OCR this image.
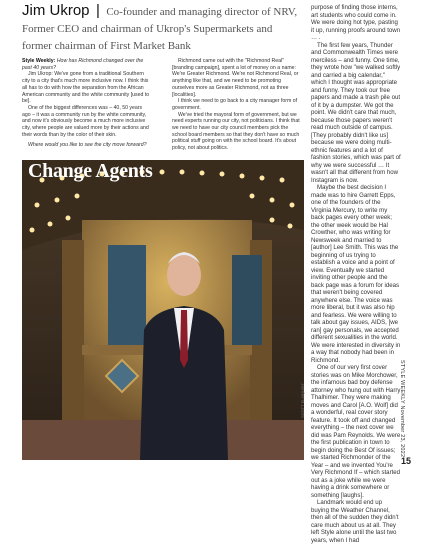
Jim Ukrop | Co-founder and managing director of NRV, Former CEO and chairman of Ukrop's Supermarkets and former chairman of First Market Bank

Style Weekly: How has Richmond changed over the past 40 years?

Jim Ukrop: We've gone from a traditional Southern city to a city that's much more inclusive now. I think this all has to do with how the separation from the African American community and the white community [used to be].

One of the biggest differences was – 40, 50 years ago – it was a community run by the white community, and now it's obviously become a much more inclusive city, where people are valued more by their actions and their words than by the color of their skin.

Where would you like to see the city move forward?

Richmond came out with the "Richmond Real" [branding campaign], spent a lot of money on a name: We're Greater Richmond. We're not Richmond Real, or anything like that, and we need to be promoting ourselves more as Greater Richmond, not as three [localities].

I think we need to go back to a city manager form of government.

We've tried the mayoral form of government, but we need experts running our city, not politicians. I think that we need to have our city council members pick the school board members so that they don't have so much political stuff going on with the school board. It's about policy, not about politics.

purpose of finding those interns, art students who could come in. We were doing hot type, pasting it up, running proofs around town … .

The first few years, Thunder and Commonwealth Times were merciless – and funny. One time, they wrote how "we walked softly and carried a big calendar," which I thought was appropriate and funny. They took our free papers and made a trash pile out of it by a dumpster. We got the point. We didn't care that much, because those papers weren't read much outside of campus. [They probably didn't like us] because we were doing multi-ethnic features and a lot of fashion stories, which was part of why we were successful … It wasn't all that different from how Instagram is now.

Maybe the best decision I made was to hire Garrett Epps, one of the founders of the Virginia Mercury, to write my back pages every other week; the other week would be Hal Crowther, who was writing for Newsweek and married to [author] Lee Smith. This was the beginning of us trying to establish a voice and a point of view. Eventually we started inviting other people and the back page was a forum for ideas that weren't being covered anywhere else. The voice was more liberal, but it was also hip and fearless. We were willing to talk about gay issues, AIDS, [we ran] gay personals, we accepted different sexualities in the world. We were interested in diversity in a way that nobody had been in Richmond.

One of our very first cover stories was on Mike Morchower, the infamous bad boy defense attorney who hung out with Harry Thalhimer. They were making moves and Carol [A.O. Wolf] did a wonderful, real cover story feature. It took off and changed everything – the next cover we did was Pam Reynolds. We were the first publication in town to begin doing the Best Of issues; we started Richmonder of the Year – and we invented You're Very Richmond If – which started out as a joke while we were having a drink somewhere or something [laughs].

Landmark would end up buying the Weather Channel, then all of the sudden they didn't care much about us at all. They left Style alone until the last two years, when I had

Change Agents
SCOTT ELMQUIST	STYLE WEEKLY November 23, 2022
15
